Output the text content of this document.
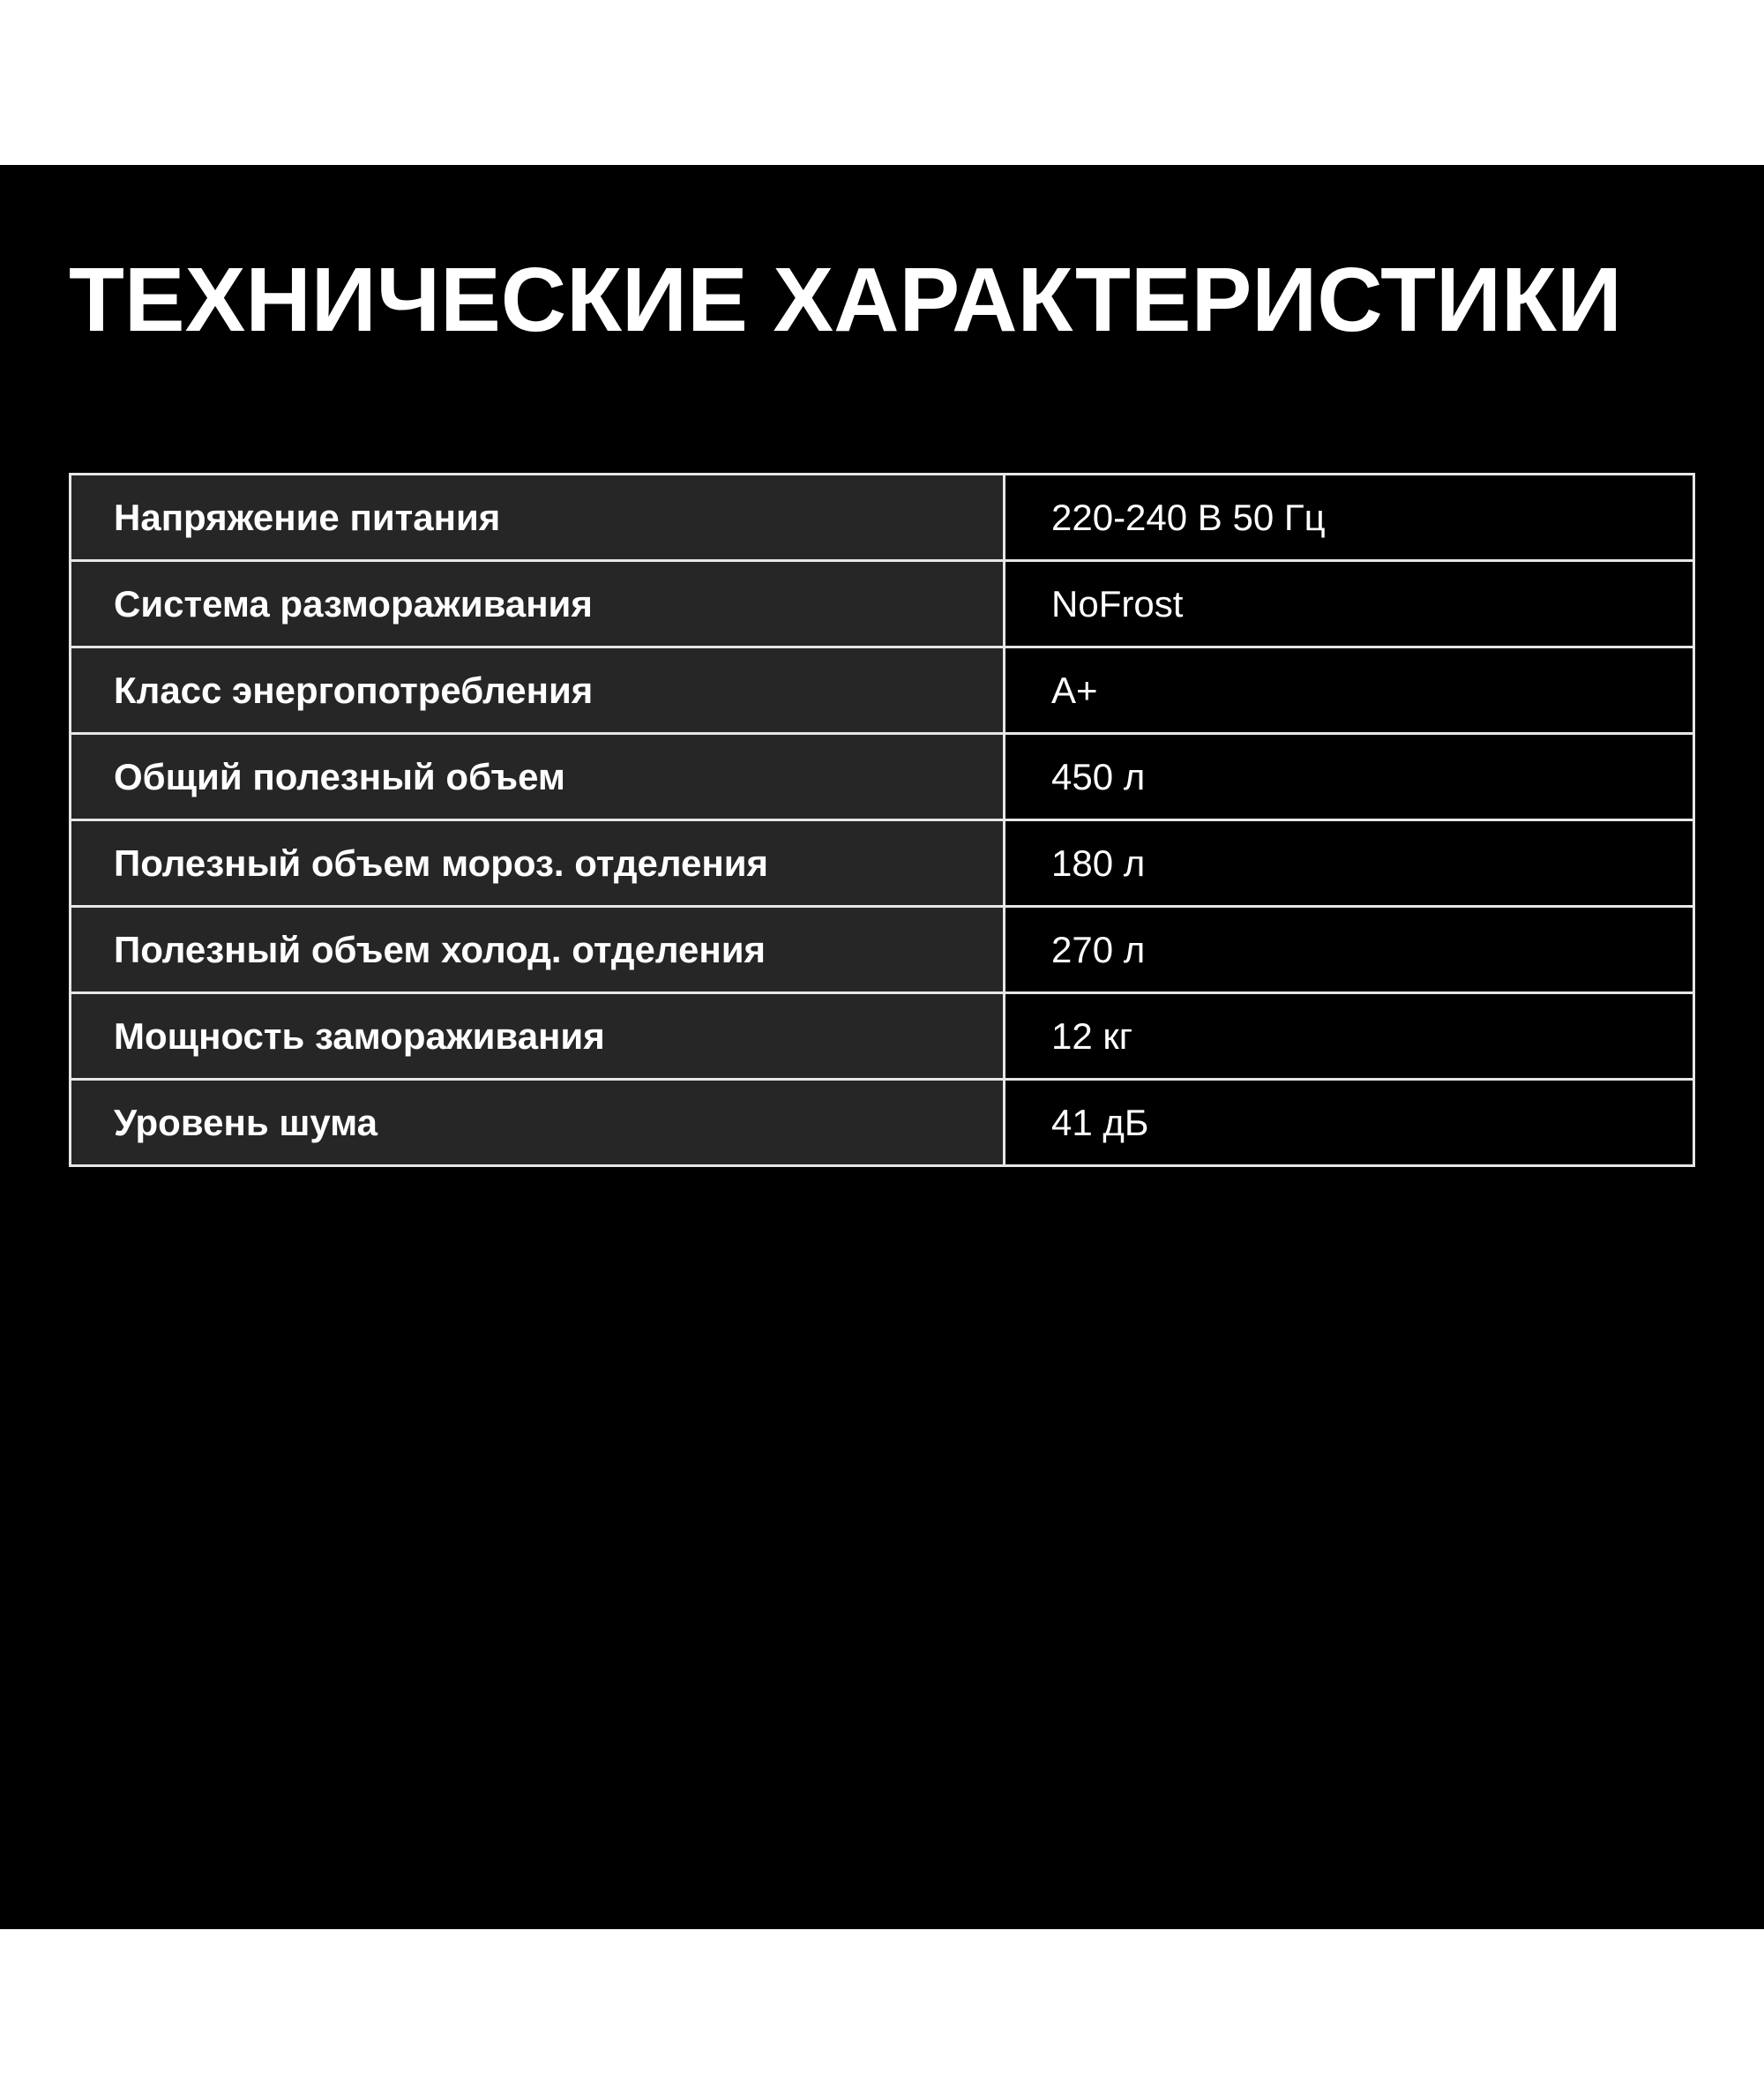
ТЕХНИЧЕСКИЕ ХАРАКТЕРИСТИКИ
Напряжение питания	220-240 В 50 Гц
Система размораживания	NoFrost
Класс энергопотребления	A+
Общий полезный объем	450 л
Полезный объем мороз. отделения	180 л
Полезный объем холод. отделения	270 л
Мощность замораживания	12 кг
Уровень шума	41 дБ
